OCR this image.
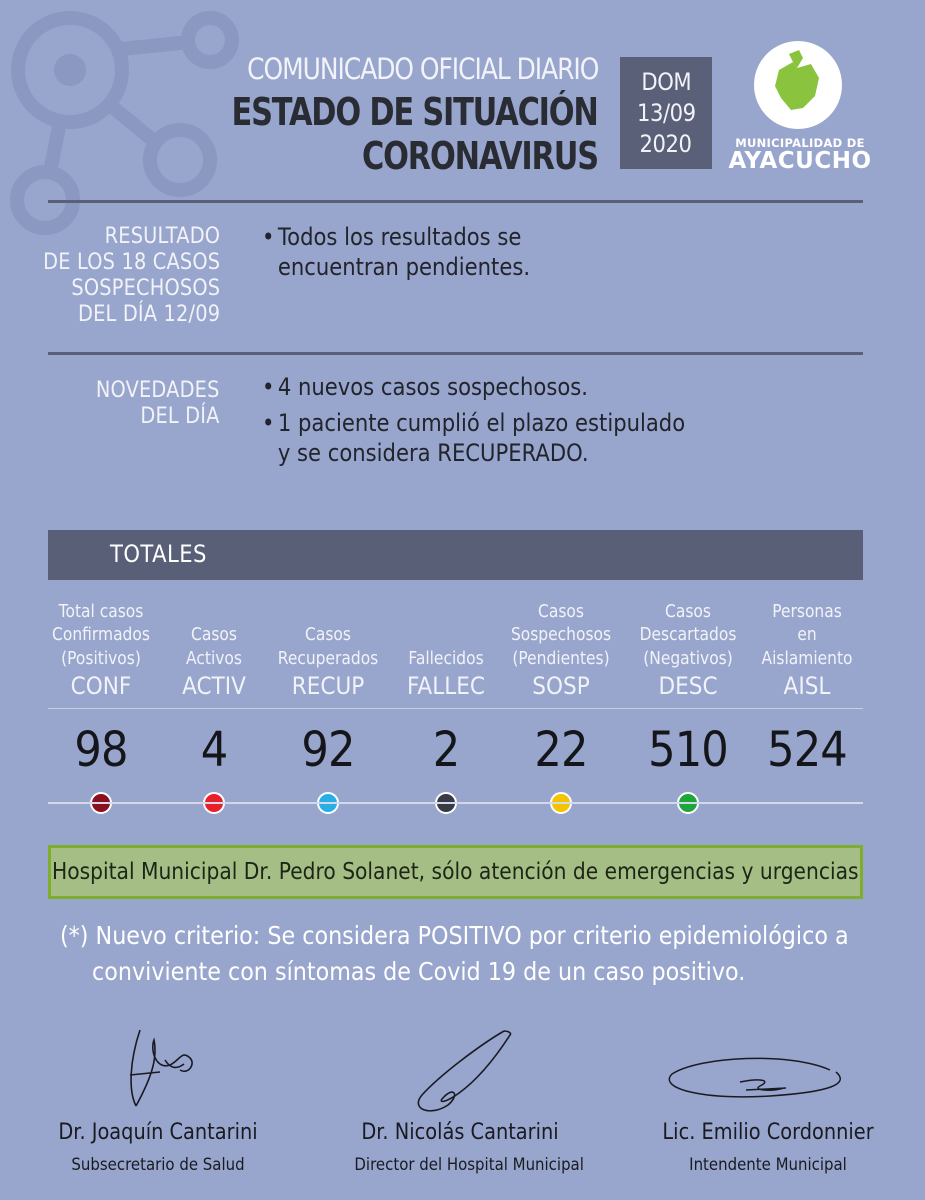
COMUNICADO OFICIAL DIARIO
ESTADO DE SITUACIÓN
CORONAVIRUS
DOM
13/09
2020	MUNICIPALIDAD DE
AYACUCHO
RESULTADO
DE LOS 18 CASOS
SOSPECHOSOS
DEL DÍA 12/09
• Todos los resultados se
encuentran pendientes.
NOVEDADES
DEL DÍA
• 4 nuevos casos sospechosos.
• 1 paciente cumplió el plazo estipulado
y se considera RECUPERADO.
TOTALES
Total casos
Confirmados
(Positivos)
CONF
98
Casos
Activos
ACTIV
4
Casos
Recuperados
RECUP
92
Fallecidos
FALLEC
2
Casos
Sospechosos
(Pendientes)
SOSP
22
Casos
Descartados
(Negativos)
DESC
510
Personas
en
Aislamiento
AISL
524
Hospital Municipal Dr. Pedro Solanet, sólo atención de emergencias y urgencias
(*) Nuevo criterio: Se considera POSITIVO por criterio epidemiológico a
conviviente con síntomas de Covid 19 de un caso positivo.
Dr. Joaquín Cantarini
Subsecretario de Salud
Dr. Nicolás Cantarini
Director del Hospital Municipal
Lic. Emilio Cordonnier
Intendente Municipal
